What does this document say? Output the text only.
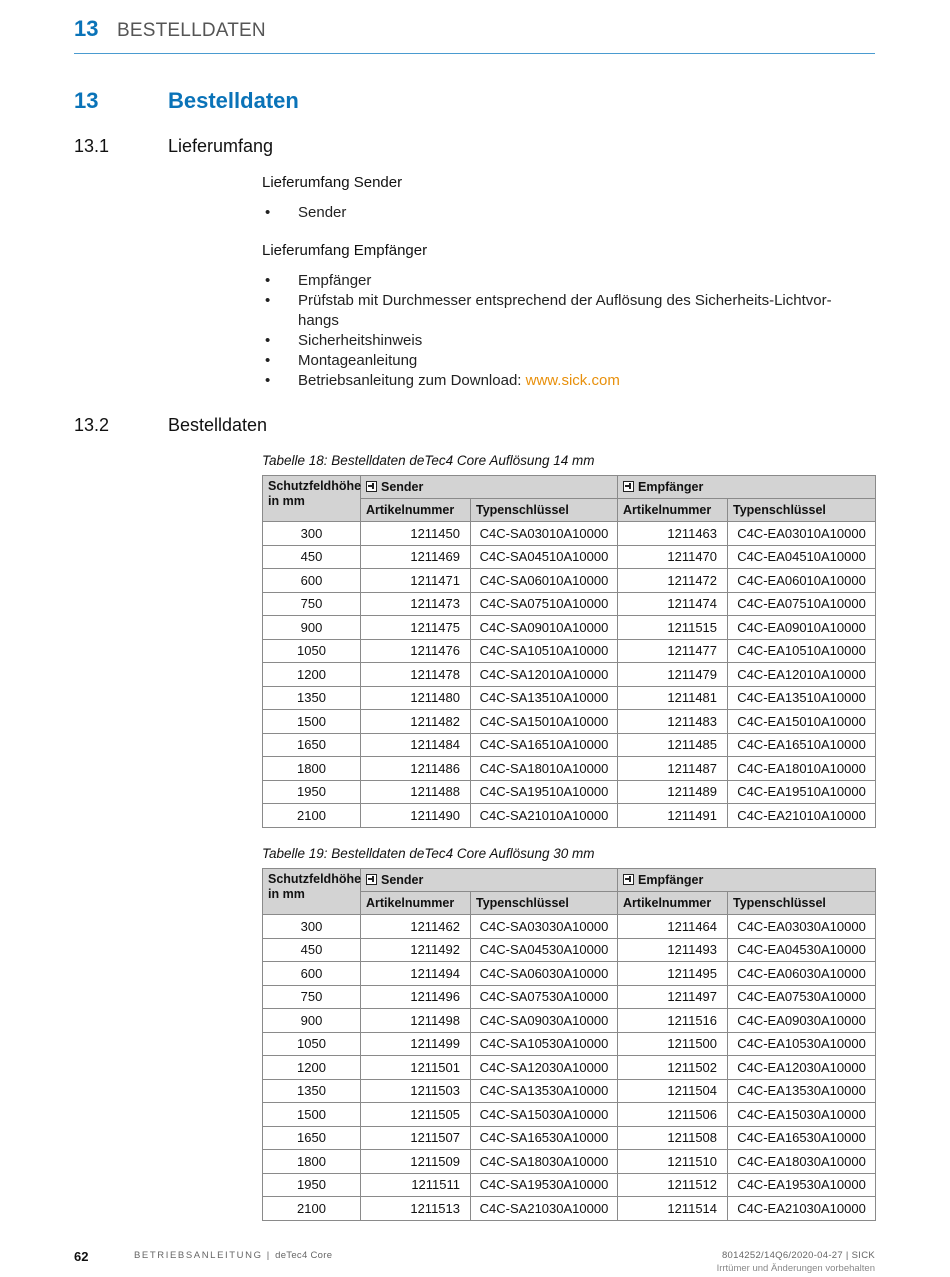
13 BESTELLDATEN
13	Bestelldaten
13.1	Lieferumfang
Lieferumfang Sender
• Sender
Lieferumfang Empfänger
• Empfänger
• Prüfstab mit Durchmesser entsprechend der Auflösung des Sicherheits-Lichtvor-
hangs
• Sicherheitshinweis
• Montageanleitung
• Betriebsanleitung zum Download: www.sick.com
13.2	Bestelldaten
Tabelle 18: Bestelldaten deTec4 Core Auflösung 14 mm
Schutzfeldhöhe in mm	Sender		Empfänger	
	Artikelnummer	Typenschlüssel	Artikelnummer	Typenschlüssel
300	1211450	C4C-SA03010A10000	1211463	C4C-EA03010A10000
450	1211469	C4C-SA04510A10000	1211470	C4C-EA04510A10000
600	1211471	C4C-SA06010A10000	1211472	C4C-EA06010A10000
750	1211473	C4C-SA07510A10000	1211474	C4C-EA07510A10000
900	1211475	C4C-SA09010A10000	1211515	C4C-EA09010A10000
1050	1211476	C4C-SA10510A10000	1211477	C4C-EA10510A10000
1200	1211478	C4C-SA12010A10000	1211479	C4C-EA12010A10000
1350	1211480	C4C-SA13510A10000	1211481	C4C-EA13510A10000
1500	1211482	C4C-SA15010A10000	1211483	C4C-EA15010A10000
1650	1211484	C4C-SA16510A10000	1211485	C4C-EA16510A10000
1800	1211486	C4C-SA18010A10000	1211487	C4C-EA18010A10000
1950	1211488	C4C-SA19510A10000	1211489	C4C-EA19510A10000
2100	1211490	C4C-SA21010A10000	1211491	C4C-EA21010A10000
Tabelle 19: Bestelldaten deTec4 Core Auflösung 30 mm
Schutzfeldhöhe in mm	Sender		Empfänger	
	Artikelnummer	Typenschlüssel	Artikelnummer	Typenschlüssel
300	1211462	C4C-SA03030A10000	1211464	C4C-EA03030A10000
450	1211492	C4C-SA04530A10000	1211493	C4C-EA04530A10000
600	1211494	C4C-SA06030A10000	1211495	C4C-EA06030A10000
750	1211496	C4C-SA07530A10000	1211497	C4C-EA07530A10000
900	1211498	C4C-SA09030A10000	1211516	C4C-EA09030A10000
1050	1211499	C4C-SA10530A10000	1211500	C4C-EA10530A10000
1200	1211501	C4C-SA12030A10000	1211502	C4C-EA12030A10000
1350	1211503	C4C-SA13530A10000	1211504	C4C-EA13530A10000
1500	1211505	C4C-SA15030A10000	1211506	C4C-EA15030A10000
1650	1211507	C4C-SA16530A10000	1211508	C4C-EA16530A10000
1800	1211509	C4C-SA18030A10000	1211510	C4C-EA18030A10000
1950	1211511	C4C-SA19530A10000	1211512	C4C-EA19530A10000
2100	1211513	C4C-SA21030A10000	1211514	C4C-EA21030A10000
62	BETRIEBSANLEITUNG | deTec4 Core	8014252/14Q6/2020-04-27 | SICK
Irrtümer und Änderungen vorbehalten
